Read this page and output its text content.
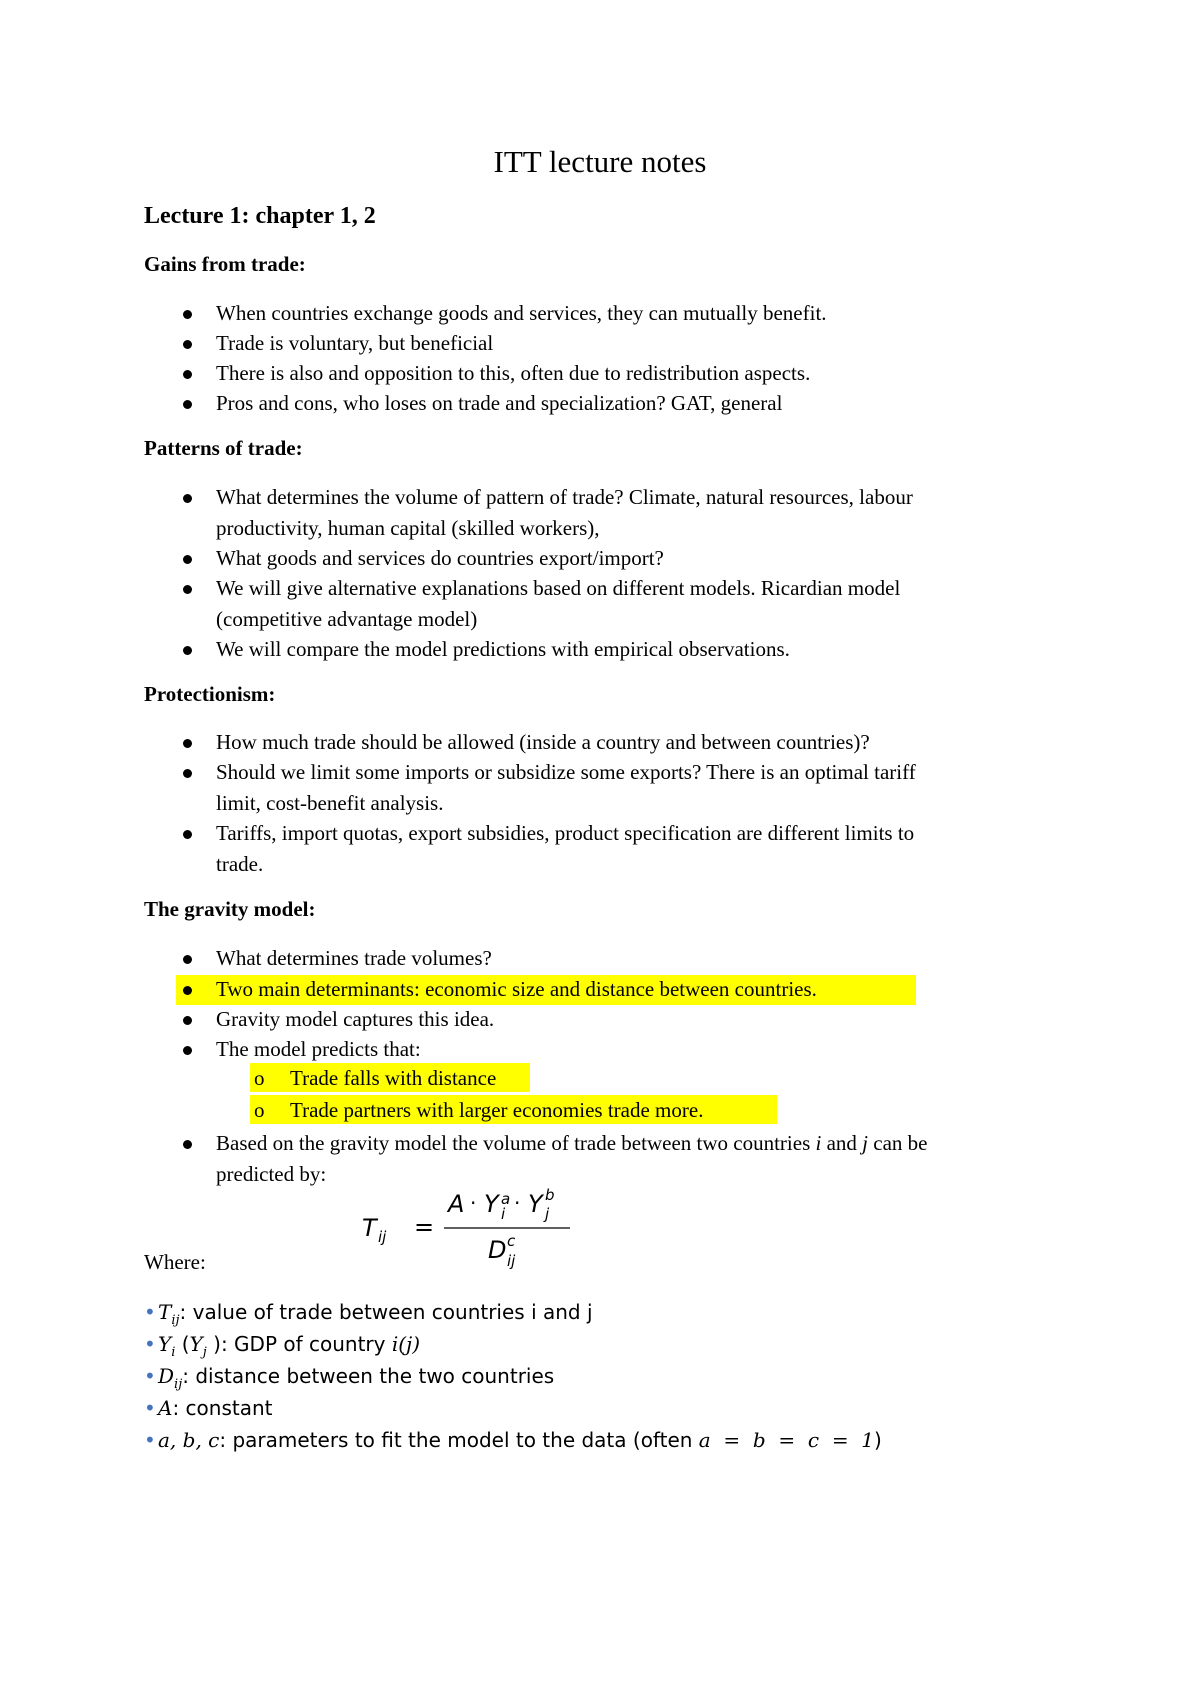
ITT lecture notes
Lecture 1: chapter 1, 2
Gains from trade:
When countries exchange goods and services, they can mutually benefit.
Trade is voluntary, but beneficial
There is also and opposition to this, often due to redistribution aspects.
Pros and cons, who loses on trade and specialization? GAT, general
Patterns of trade:
What determines the volume of pattern of trade? Climate, natural resources, labour
productivity, human capital (skilled workers),
What goods and services do countries export/import?
We will give alternative explanations based on different models. Ricardian model
(competitive advantage model)
We will compare the model predictions with empirical observations.
Protectionism:
How much trade should be allowed (inside a country and between countries)?
Should we limit some imports or subsidize some exports? There is an optimal tariff
limit, cost-benefit analysis.
Tariffs, import quotas, export subsidies, product specification are different limits to
trade.
The gravity model:
What determines trade volumes?
Two main determinants: economic size and distance between countries.
Gravity model captures this idea.
The model predicts that:
o	Trade falls with distance
o	Trade partners with larger economies trade more.
Based on the gravity model the volume of trade between two countries i and j can be
predicted by:
T ij =
A · Y a
i · Y b
j
D c
ij
Where:
• $T_{ij}$: value of trade between countries i and j
• $Y_i$ ($Y_j$ ): GDP of country i(j)
• $D_{ij}$: distance between the two countries
• A: constant
• a, b, c: parameters to fit the model to the data (often a  =  b  =  c  =  1)
